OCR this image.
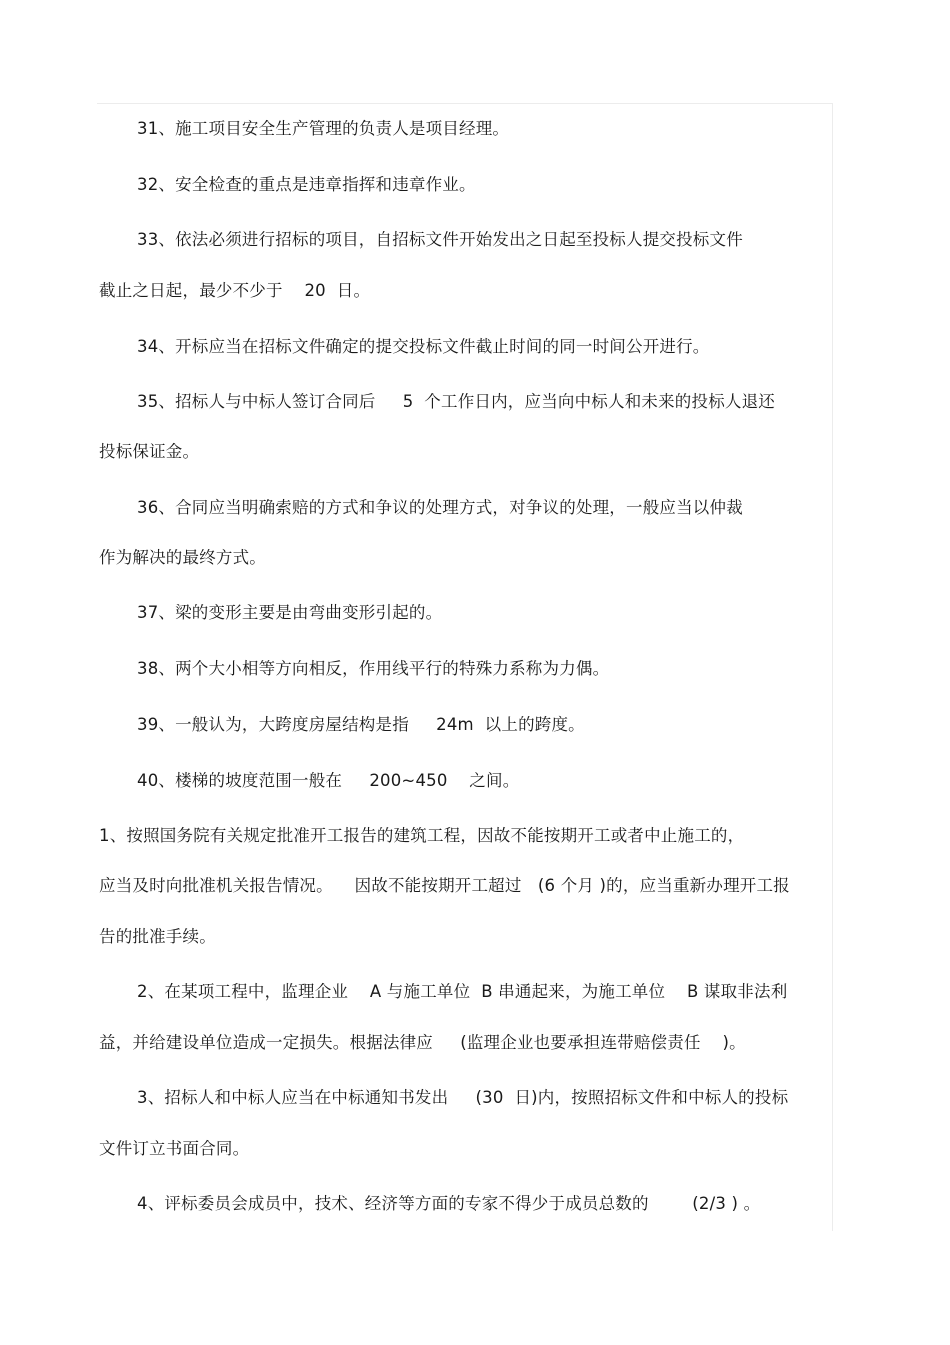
31、施工项目安全生产管理的负责人是项目经理。
32、安全检查的重点是违章指挥和违章作业。
33、依法必须进行招标的项目，自招标文件开始发出之日起至投标人提交投标文件
截止之日起，最少不少于    20  日。
34、开标应当在招标文件确定的提交投标文件截止时间的同一时间公开进行。
35、招标人与中标人签订合同后     5  个工作日内，应当向中标人和未来的投标人退还
投标保证金。
36、合同应当明确索赔的方式和争议的处理方式，对争议的处理，一般应当以仲裁
作为解决的最终方式。
37、梁的变形主要是由弯曲变形引起的。
38、两个大小相等方向相反，作用线平行的特殊力系称为力偶。
39、一般认为，大跨度房屋结构是指     24m  以上的跨度。
40、楼梯的坡度范围一般在     200~450    之间。
1、按照国务院有关规定批准开工报告的建筑工程，因故不能按期开工或者中止施工的，
应当及时向批准机关报告情况。    因故不能按期开工超过   (6 个月 )的，应当重新办理开工报
告的批准手续。
2、在某项工程中，监理企业    A 与施工单位  B 串通起来，为施工单位    B 谋取非法利
益，并给建设单位造成一定损失。根据法律应     (监理企业也要承担连带赔偿责任    )。
3、招标人和中标人应当在中标通知书发出     (30  日)内，按照招标文件和中标人的投标
文件订立书面合同。
4、评标委员会成员中，技术、经济等方面的专家不得少于成员总数的        (2/3 ) 。
